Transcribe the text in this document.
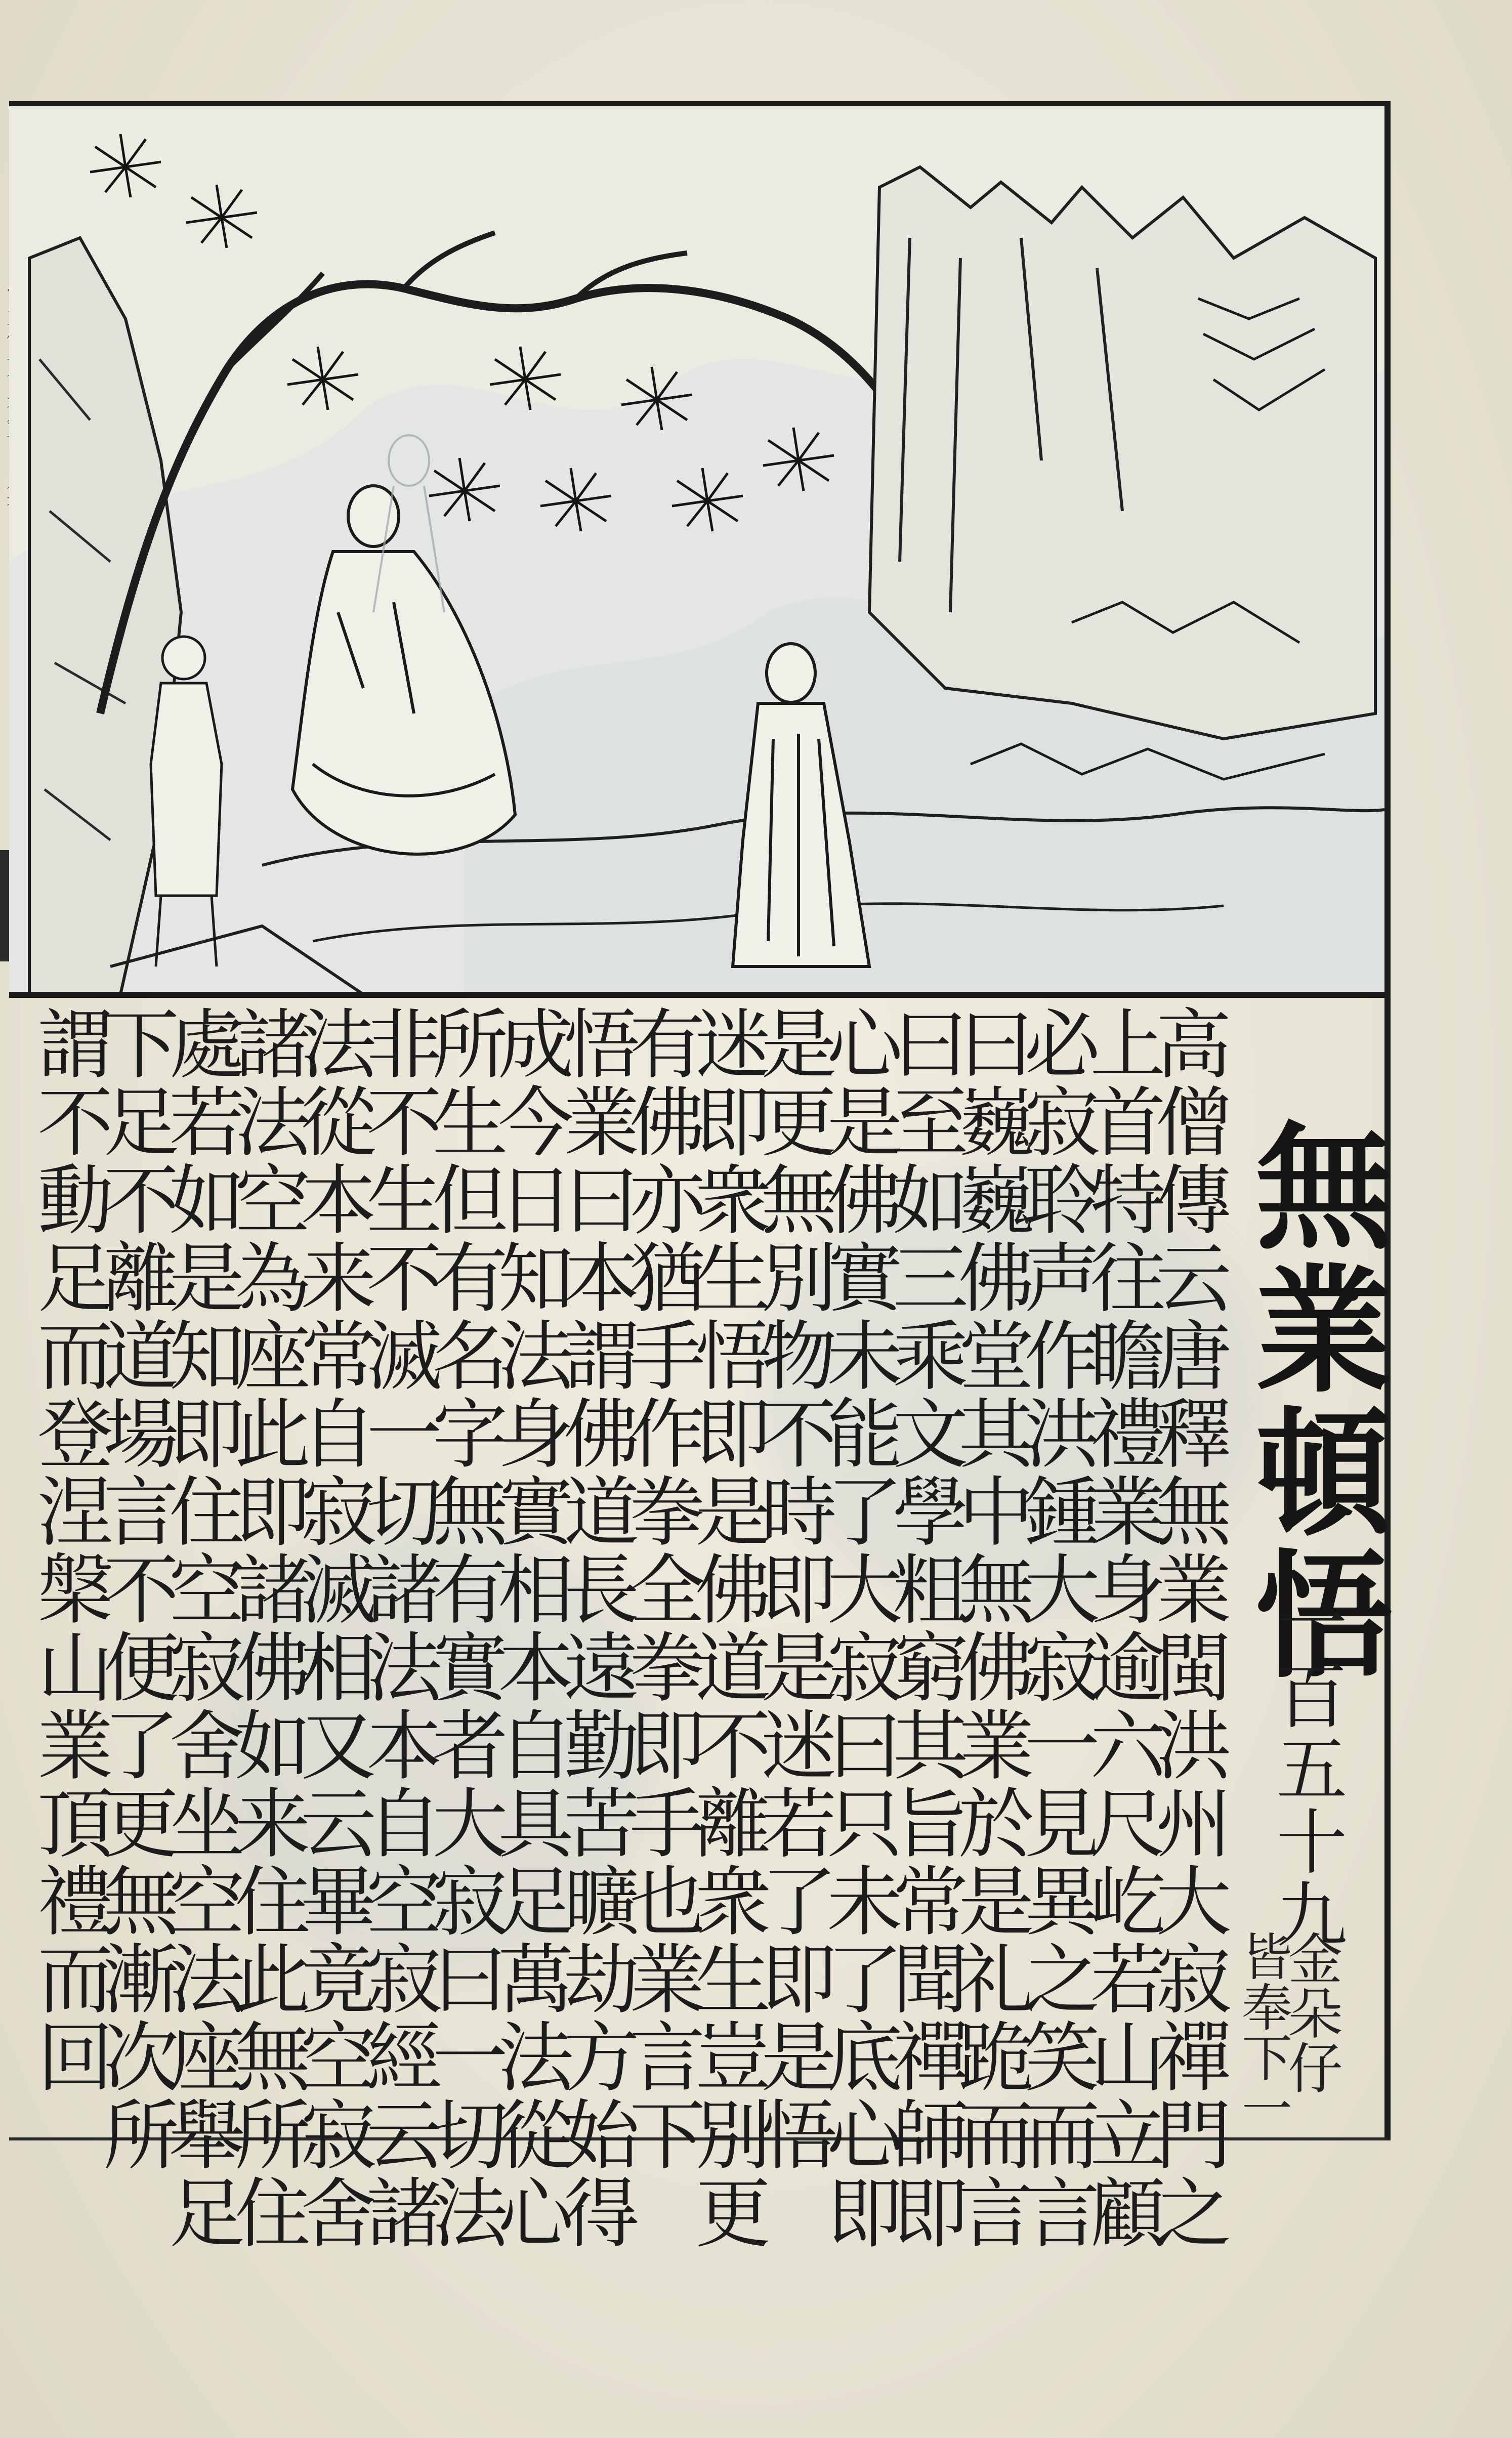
無業頓悟
一百五十九
金朵仔
皆奉下一
高僧傳云唐釋無業閩洪州大寂禪門之
上首特往瞻禮業身逾六尺屹若山立顧
必寂聆声作洪鍾大寂一見異之笑而言
曰巍巍佛堂其中無佛業於是礼跪而言
曰至如三乘文學粗窮其旨常聞禪師即
心是佛實未能了大寂曰只未了底心即
是更無別物不時即是迷若了即是悟
迷即衆生悟即是佛道不離衆生豈別更
有佛亦猶手作拳全拳即手也業言下
悟業曰本謂佛道長遠勤苦曠劫方始得
成今日知法身實相本自具足萬法從心
所生但有名字無有實者大寂曰一切法
非不生不滅一切諸法本自空寂經云諸
法從本来常自寂滅相又云畢竟空寂舍
諸法空為座此即諸佛如来住此無所住
處若如是知即住空寂舍坐空法座舉足
下足不離道場言不便了更無漸次所
謂不動足而登涅槃山業頂禮而回
